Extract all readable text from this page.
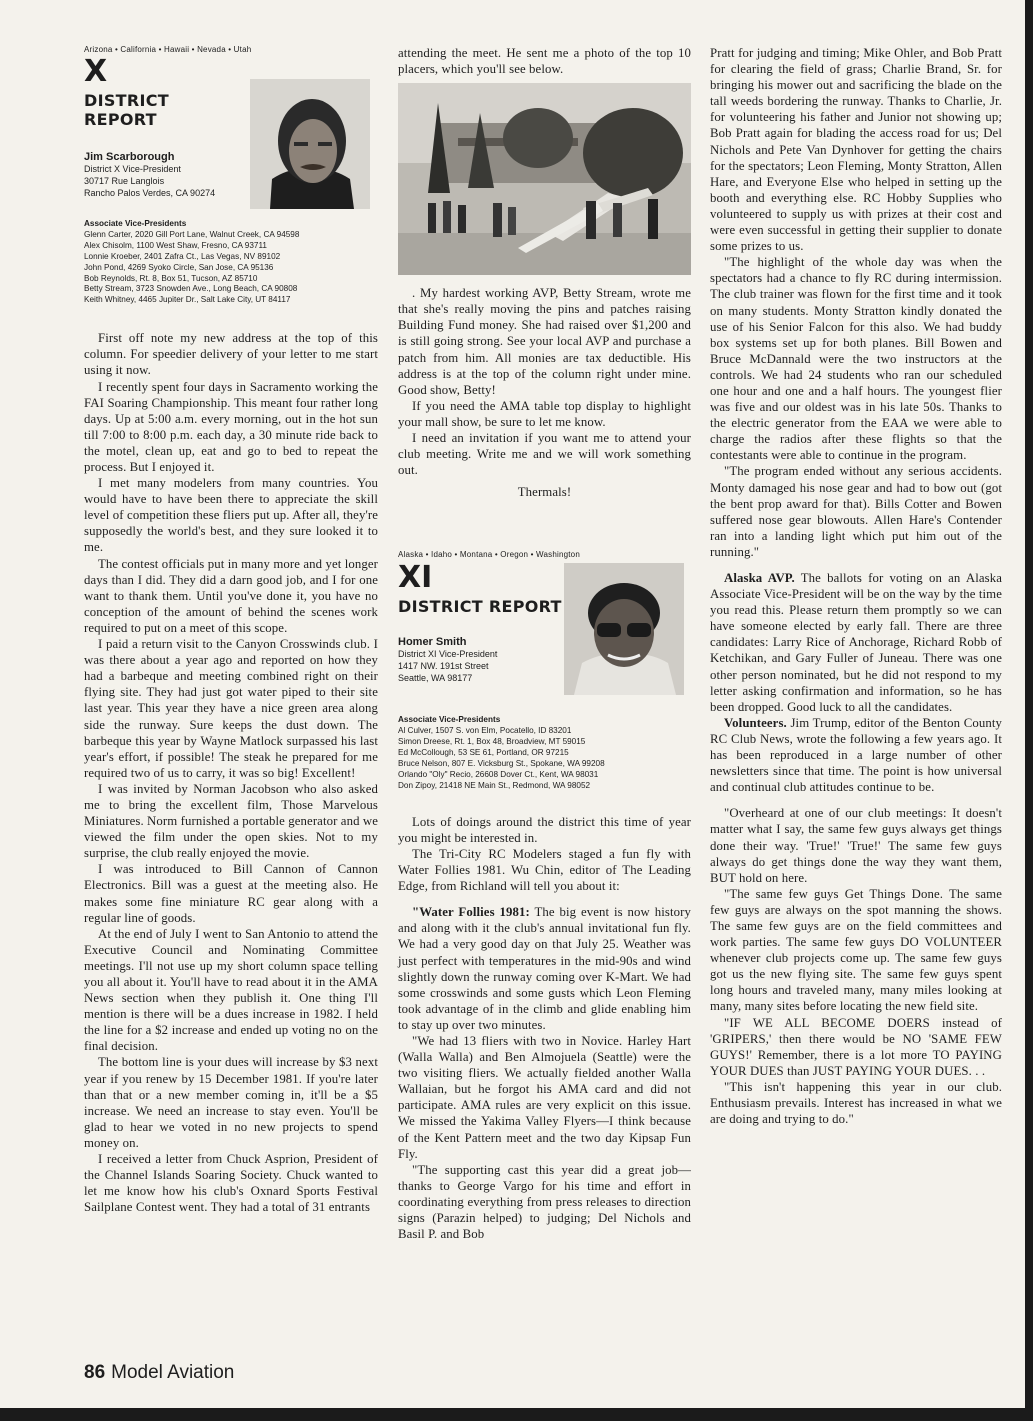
Arizona • California • Hawaii • Nevada • Utah
X
DISTRICT REPORT
Jim Scarborough
District X Vice-President
30717 Rue Langlois
Rancho Palos Verdes, CA 90274
Associate Vice-Presidents
Glenn Carter, 2020 Gill Port Lane, Walnut Creek, CA 94598
Alex Chisolm, 1100 West Shaw, Fresno, CA 93711
Lonnie Kroeber, 2401 Zafra Ct., Las Vegas, NV 89102
John Pond, 4269 Syoko Circle, San Jose, CA 95136
Bob Reynolds, Rt. 8, Box 51, Tucson, AZ 85710
Betty Stream, 3723 Snowden Ave., Long Beach, CA 90808
Keith Whitney, 4465 Jupiter Dr., Salt Lake City, UT 84117

First off note my new address at the top of this column. For speedier delivery of your letter to me start using it now.

I recently spent four days in Sacramento working the FAI Soaring Championship. This meant four rather long days. Up at 5:00 a.m. every morning, out in the hot sun till 7:00 to 8:00 p.m. each day, a 30 minute ride back to the motel, clean up, eat and go to bed to repeat the process. But I enjoyed it.

I met many modelers from many countries. You would have to have been there to appreciate the skill level of competition these fliers put up. After all, they're supposedly the world's best, and they sure looked it to me.

The contest officials put in many more and yet longer days than I did. They did a darn good job, and I for one want to thank them. Until you've done it, you have no conception of the amount of behind the scenes work required to put on a meet of this scope.

I paid a return visit to the Canyon Crosswinds club. I was there about a year ago and reported on how they had a barbeque and meeting combined right on their flying site. They had just got water piped to their site last year. This year they have a nice green area along side the runway. Sure keeps the dust down. The barbeque this year by Wayne Matlock surpassed his last year's effort, if possible! The steak he prepared for me required two of us to carry, it was so big! Excellent!

I was invited by Norman Jacobson who also asked me to bring the excellent film, Those Marvelous Miniatures. Norm furnished a portable generator and we viewed the film under the open skies. Not to my surprise, the club really enjoyed the movie.

I was introduced to Bill Cannon of Cannon Electronics. Bill was a guest at the meeting also. He makes some fine miniature RC gear along with a regular line of goods.

At the end of July I went to San Antonio to attend the Executive Council and Nominating Committee meetings. I'll not use up my short column space telling you all about it. You'll have to read about it in the AMA News section when they publish it. One thing I'll mention is there will be a dues increase in 1982. I held the line for a $2 increase and ended up voting no on the final decision.

The bottom line is your dues will increase by $3 next year if you renew by 15 December 1981. If you're later than that or a new member coming in, it'll be a $5 increase. We need an increase to stay even. You'll be glad to hear we voted in no new projects to spend money on.

I received a letter from Chuck Asprion, President of the Channel Islands Soaring Society. Chuck wanted to let me know how his club's Oxnard Sports Festival Sailplane Contest went. They had a total of 31 entrants

attending the meet. He sent me a photo of the top 10 placers, which you'll see below.

. My hardest working AVP, Betty Stream, wrote me that she's really moving the pins and patches raising Building Fund money. She had raised over $1,200 and is still going strong. See your local AVP and purchase a patch from him. All monies are tax deductible. His address is at the top of the column right under mine. Good show, Betty!

If you need the AMA table top display to highlight your mall show, be sure to let me know.

I need an invitation if you want me to attend your club meeting. Write me and we will work something out.

Thermals!

Alaska • Idaho • Montana • Oregon • Washington
XI
DISTRICT REPORT
Homer Smith
District XI Vice-President
1417 NW. 191st Street
Seattle, WA 98177
Associate Vice-Presidents
Al Culver, 1507 S. von Elm, Pocatello, ID 83201
Simon Dreese, Rt. 1, Box 48, Broadview, MT 59015
Ed McCollough, 53 SE 61, Portland, OR 97215
Bruce Nelson, 807 E. Vicksburg St., Spokane, WA 99208
Orlando "Oly" Recio, 26608 Dover Ct., Kent, WA 98031
Don Zipoy, 21418 NE Main St., Redmond, WA 98052

Lots of doings around the district this time of year you might be interested in.

The Tri-City RC Modelers staged a fun fly with Water Follies 1981. Wu Chin, editor of The Leading Edge, from Richland will tell you about it:

"Water Follies 1981: The big event is now history and along with it the club's annual invitational fun fly. We had a very good day on that July 25. Weather was just perfect with temperatures in the mid-90s and wind slightly down the runway coming over K-Mart. We had some crosswinds and some gusts which Leon Fleming took advantage of in the climb and glide enabling him to stay up over two minutes.

"We had 13 fliers with two in Novice. Harley Hart (Walla Walla) and Ben Almojuela (Seattle) were the two visiting fliers. We actually fielded another Walla Wallaian, but he forgot his AMA card and did not participate. AMA rules are very explicit on this issue. We missed the Yakima Valley Flyers—I think because of the Kent Pattern meet and the two day Kipsap Fun Fly.

"The supporting cast this year did a great job—thanks to George Vargo for his time and effort in coordinating everything from press releases to direction signs (Parazin helped) to judging; Del Nichols and Basil P. and Bob

Pratt for judging and timing; Mike Ohler, and Bob Pratt for clearing the field of grass; Charlie Brand, Sr. for bringing his mower out and sacrificing the blade on the tall weeds bordering the runway. Thanks to Charlie, Jr. for volunteering his father and Junior not showing up; Bob Pratt again for blading the access road for us; Del Nichols and Pete Van Dynhover for getting the chairs for the spectators; Leon Fleming, Monty Stratton, Allen Hare, and Everyone Else who helped in setting up the booth and everything else. RC Hobby Supplies who volunteered to supply us with prizes at their cost and were even successful in getting their supplier to donate some prizes to us.

"The highlight of the whole day was when the spectators had a chance to fly RC during intermission. The club trainer was flown for the first time and it took on many students. Monty Stratton kindly donated the use of his Senior Falcon for this also. We had buddy box systems set up for both planes. Bill Bowen and Bruce McDannald were the two instructors at the controls. We had 24 students who ran our scheduled one hour and one and a half hours. The youngest flier was five and our oldest was in his late 50s. Thanks to the electric generator from the EAA we were able to charge the radios after these flights so that the contestants were able to continue in the program.

"The program ended without any serious accidents. Monty damaged his nose gear and had to bow out (got the bent prop award for that). Bills Cotter and Bowen suffered nose gear blowouts. Allen Hare's Contender ran into a landing light which put him out of the running."

Alaska AVP. The ballots for voting on an Alaska Associate Vice-President will be on the way by the time you read this. Please return them promptly so we can have someone elected by early fall. There are three candidates: Larry Rice of Anchorage, Richard Robb of Ketchikan, and Gary Fuller of Juneau. There was one other person nominated, but he did not respond to my letter asking confirmation and information, so he has been dropped. Good luck to all the candidates.

Volunteers. Jim Trump, editor of the Benton County RC Club News, wrote the following a few years ago. It has been reproduced in a large number of other newsletters since that time. The point is how universal and continual club attitudes continue to be.

"Overheard at one of our club meetings: It doesn't matter what I say, the same few guys always get things done their way. 'True!' 'True!' The same few guys always do get things done the way they want them, BUT hold on here.

"The same few guys Get Things Done. The same few guys are always on the spot manning the shows. The same few guys are on the field committees and work parties. The same few guys DO VOLUNTEER whenever club projects come up. The same few guys got us the new flying site. The same few guys spent long hours and traveled many, many miles looking at many, many sites before locating the new field site.

"IF WE ALL BECOME DOERS instead of 'GRIPERS,' then there would be NO 'SAME FEW GUYS!' Remember, there is a lot more TO PAYING YOUR DUES than JUST PAYING YOUR DUES. . .

"This isn't happening this year in our club. Enthusiasm prevails. Interest has increased in what we are doing and trying to do."

86 Model Aviation
